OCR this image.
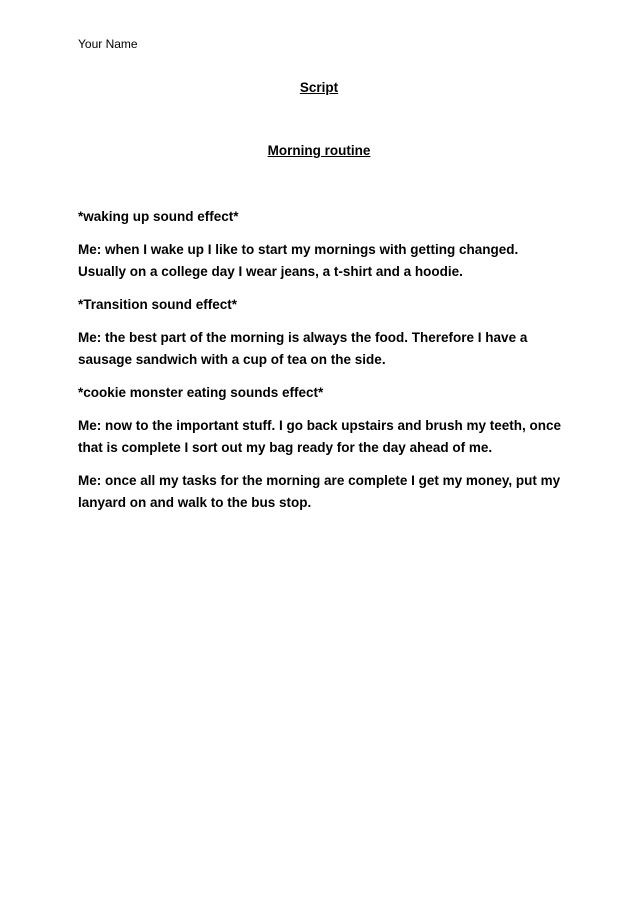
Your Name
Script
Morning routine

*waking up sound effect*

Me: when I wake up I like to start my mornings with getting changed. Usually on a college day I wear jeans, a t-shirt and a hoodie.

*Transition sound effect*

Me: the best part of the morning is always the food. Therefore I have a sausage sandwich with a cup of tea on the side.

*cookie monster eating sounds effect*

Me: now to the important stuff. I go back upstairs and brush my teeth, once that is complete I sort out my bag ready for the day ahead of me.

Me: once all my tasks for the morning are complete I get my money, put my lanyard on and walk to the bus stop.
